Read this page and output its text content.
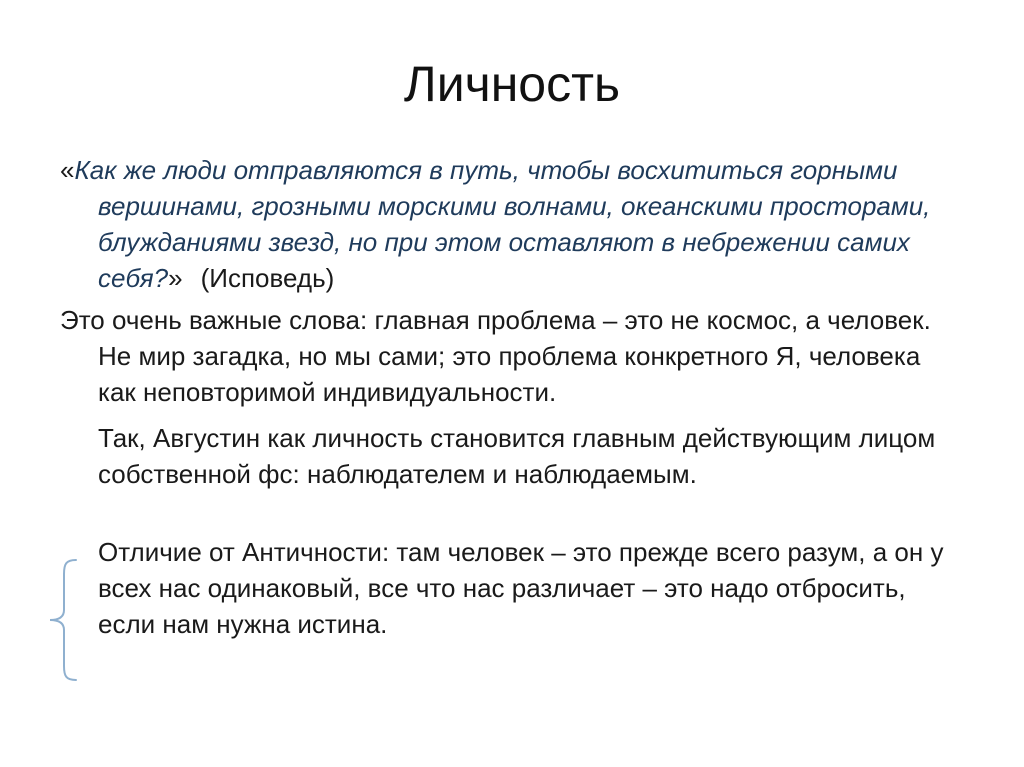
Личность
«Как же люди отправляются в путь, чтобы восхититься горными вершинами, грозными морскими волнами, океанскими просторами, блужданиями звезд, но при этом оставляют в небрежении самих себя?» (Исповедь)
Это очень важные слова: главная проблема – это не космос, а человек. Не мир загадка, но мы сами; это проблема конкретного Я, человека как неповторимой индивидуальности.
Так, Августин как личность становится главным действующим лицом собственной фс: наблюдателем и наблюдаемым.
Отличие от Античности: там человек – это прежде всего разум, а он у всех нас одинаковый, все что нас различает – это надо отбросить, если нам нужна истина.
